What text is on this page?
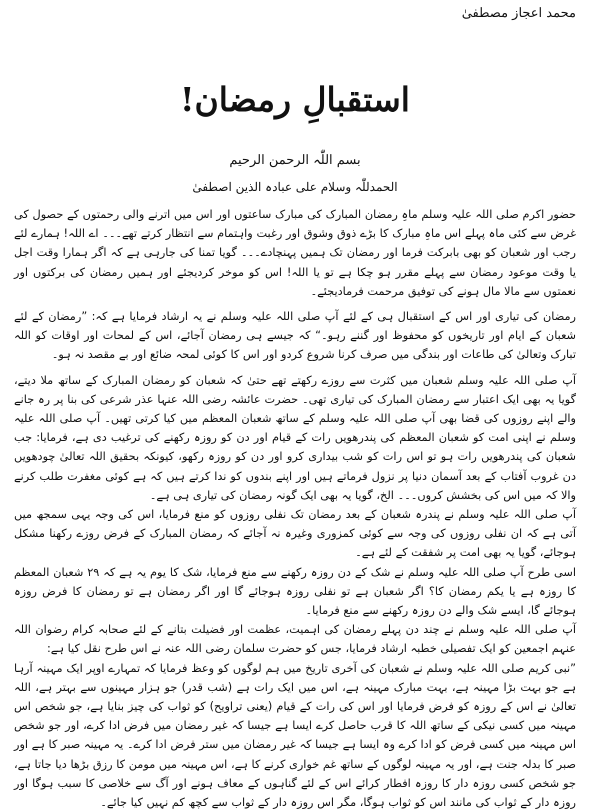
محمد اعجاز مصطفیٰ
استقبالِ رمضان!
بسم اللّٰہ الرحمن الرحیم
الحمدللّٰہ وسلام علی عبادہ الذین اصطفیٰ

حضور اکرم صلی اللہ علیہ وسلم ماہِ رمضان المبارک کی مبارک ساعتوں اور اس میں اترنے والی رحمتوں کے حصول کی غرض سے کئی ماہ پہلے اس ماہِ مبارک کا بڑے ذوق وشوق اور رغبت واہتمام سے انتظار کرتے تھے۔۔۔ اے اللہ! ہمارے لئے رجب اور شعبان کو بھی بابرکت فرما اور رمضان تک ہمیں پہنچادے۔۔۔ گویا تمنا کی جارہی ہے کہ اگر ہمارا وقت اجل یا وقت موعود رمضان سے پہلے مقرر ہو چکا ہے تو یا اللہ! اس کو موخر کردیجئے اور ہمیں رمضان کی برکتوں اور نعمتوں سے مالا مال ہونے کی توفیق مرحمت فرمادیجئے۔

رمضان کی تیاری اور اس کے استقبال ہی کے لئے آپ صلی اللہ علیہ وسلم نے یہ ارشاد فرمایا ہے کہ: ”رمضان کے لئے شعبان کے ایام اور تاریخوں کو محفوظ اور گننے رہو۔“ کہ جیسے ہی رمضان آجائے، اس کے لمحات اور اوقات کو اللہ تبارک وتعالیٰ کی طاعات اور بندگی میں صرف کرنا شروع کردو اور اس کا کوئی لمحہ ضائع اور بے مقصد نہ ہو۔

آپ صلی اللہ علیہ وسلم شعبان میں کثرت سے روزے رکھتے تھے حتیٰ کہ شعبان کو رمضان المبارک کے ساتھ ملا دیتے، گویا یہ بھی ایک اعتبار سے رمضان المبارک کی تیاری تھی۔ حضرت عائشہ رضی اللہ عنہا عذر شرعی کی بنا پر رہ جانے والے اپنے روزوں کی قضا بھی آپ صلی اللہ علیہ وسلم کے ساتھ شعبان المعظم میں کیا کرتی تھیں۔ آپ صلی اللہ علیہ وسلم نے اپنی امت کو شعبان المعظم کی پندرھویں رات کے قیام اور دن کو روزہ رکھنے کی ترغیب دی ہے، فرمایا: جب شعبان کی پندرھویں رات ہو تو اس رات کو شب بیداری کرو اور دن کو روزہ رکھو، کیونکہ بحقیق اللہ تعالیٰ چودھویں دن غروب آفتاب کے بعد آسمان دنیا پر نزول فرماتے ہیں اور اپنے بندوں کو ندا کرتے ہیں کہ ہے کوئی مغفرت طلب کرنے والا کہ میں اس کی بخشش کروں۔۔۔ الخ، گویا یہ بھی ایک گونہ رمضان کی تیاری ہی ہے۔

آپ صلی اللہ علیہ وسلم نے پندرہ شعبان کے بعد رمضان تک نفلی روزوں کو منع فرمایا، اس کی وجہ یہی سمجھ میں آتی ہے کہ ان نفلی روزوں کی وجہ سے کوئی کمزوری وغیرہ نہ آجائے کہ رمضان المبارک کے فرض روزے رکھنا مشکل ہوجائے، گویا یہ بھی امت پر شفقت کے لئے ہے۔

اسی طرح آپ صلی اللہ علیہ وسلم نے شک کے دن روزہ رکھنے سے منع فرمایا، شک کا یوم یہ ہے کہ ۲۹ شعبان المعظم کا روزہ ہے یا یکم رمضان کا؟ اگر شعبان ہے تو نفلی روزہ ہوجائے گا اور اگر رمضان ہے تو رمضان کا فرض روزہ ہوجائے گا، ایسے شک والے دن روزہ رکھنے سے منع فرمایا۔

آپ صلی اللہ علیہ وسلم نے چند دن پہلے رمضان کی اہمیت، عظمت اور فضیلت بتانے کے لئے صحابہ کرام رضوان اللہ عنہم اجمعین کو ایک تفصیلی خطبہ ارشاد فرمایا، جس کو حضرت سلمان رضی اللہ عنہ نے اس طرح نقل کیا ہے:

”نبی کریم صلی اللہ علیہ وسلم نے شعبان کی آخری تاریخ میں ہم لوگوں کو وعظ فرمایا کہ تمہارے اوپر ایک مہینہ آرہا ہے جو بہت بڑا مہینہ ہے، بہت مبارک مہینہ ہے، اس میں ایک رات ہے (شب قدر) جو ہزار مہینوں سے بہتر ہے، اللہ تعالیٰ نے اس کے روزہ کو فرض فرمایا اور اس کی رات کے قیام (یعنی تراویح) کو ثواب کی چیز بنایا ہے، جو شخص اس مہینہ میں کسی نیکی کے ساتھ اللہ کا قرب حاصل کرے ایسا ہے جیسا کہ غیر رمضان میں فرض ادا کرے، اور جو شخص اس مہینہ میں کسی فرض کو ادا کرے وہ ایسا ہے جیسا کہ غیر رمضان میں ستر فرض ادا کرے۔ یہ مہینہ صبر کا ہے اور صبر کا بدلہ جنت ہے، اور یہ مہینہ لوگوں کے ساتھ غم خواری کرنے کا ہے، اس مہینہ میں مومن کا رزق بڑھا دیا جاتا ہے، جو شخص کسی روزہ دار کا روزہ افطار کرائے اس کے لئے گناہوں کے معاف ہونے اور آگ سے خلاصی کا سبب ہوگا اور روزہ دار کے ثواب کی مانند اس کو ثواب ہوگا، مگر اس روزہ دار کے ثواب سے کچھ کم نہیں کیا جائے۔
